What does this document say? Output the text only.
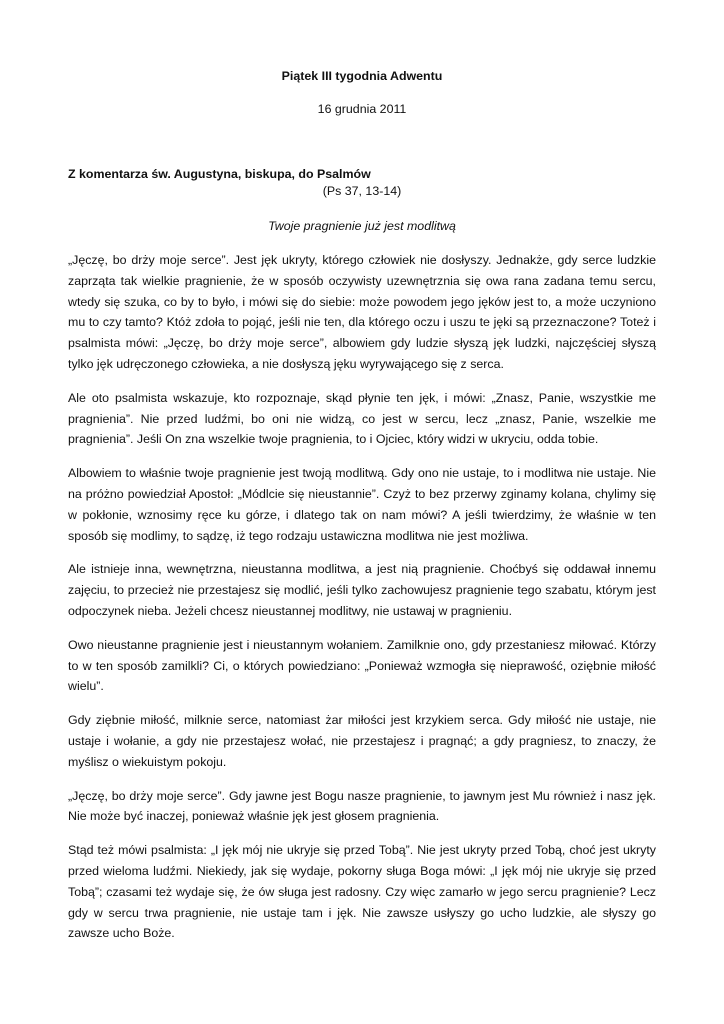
Piątek III tygodnia Adwentu
16 grudnia 2011
Z komentarza św. Augustyna, biskupa, do Psalmów
(Ps 37, 13-14)
Twoje pragnienie już jest modlitwą

„Jęczę, bo drży moje serce”. Jest jęk ukryty, którego człowiek nie dosłyszy. Jednakże, gdy serce ludzkie zaprząta tak wielkie pragnienie, że w sposób oczywisty uzewnętrznia się owa rana zadana temu sercu, wtedy się szuka, co by to było, i mówi się do siebie: może powodem jego jęków jest to, a może uczyniono mu to czy tamto? Któż zdoła to pojąć, jeśli nie ten, dla którego oczu i uszu te jęki są przeznaczone? Toteż i psalmista mówi: „Jęczę, bo drży moje serce”, albowiem gdy ludzie słyszą jęk ludzki, najczęściej słyszą tylko jęk udręczonego człowieka, a nie dosłyszą jęku wyrywającego się z serca.

Ale oto psalmista wskazuje, kto rozpoznaje, skąd płynie ten jęk, i mówi: „Znasz, Panie, wszystkie me pragnienia”. Nie przed ludźmi, bo oni nie widzą, co jest w sercu, lecz „znasz, Panie, wszelkie me pragnienia”. Jeśli On zna wszelkie twoje pragnienia, to i Ojciec, który widzi w ukryciu, odda tobie.

Albowiem to właśnie twoje pragnienie jest twoją modlitwą. Gdy ono nie ustaje, to i modlitwa nie ustaje. Nie na próżno powiedział Apostoł: „Módlcie się nieustannie”. Czyż to bez przerwy zginamy kolana, chylimy się w pokłonie, wznosimy ręce ku górze, i dlatego tak on nam mówi? A jeśli twierdzimy, że właśnie w ten sposób się modlimy, to sądzę, iż tego rodzaju ustawiczna modlitwa nie jest możliwa.

Ale istnieje inna, wewnętrzna, nieustanna modlitwa, a jest nią pragnienie. Choćbyś się oddawał innemu zajęciu, to przecież nie przestajesz się modlić, jeśli tylko zachowujesz pragnienie tego szabatu, którym jest odpoczynek nieba. Jeżeli chcesz nieustannej modlitwy, nie ustawaj w pragnieniu.

Owo nieustanne pragnienie jest i nieustannym wołaniem. Zamilknie ono, gdy przestaniesz miłować. Którzy to w ten sposób zamilkli? Ci, o których powiedziano: „Ponieważ wzmogła się nieprawość, oziębnie miłość wielu”.

Gdy ziębnie miłość, milknie serce, natomiast żar miłości jest krzykiem serca. Gdy miłość nie ustaje, nie ustaje i wołanie, a gdy nie przestajesz wołać, nie przestajesz i pragnąć; a gdy pragniesz, to znaczy, że myślisz o wiekuistym pokoju.

„Jęczę, bo drży moje serce”. Gdy jawne jest Bogu nasze pragnienie, to jawnym jest Mu również i nasz jęk. Nie może być inaczej, ponieważ właśnie jęk jest głosem pragnienia.

Stąd też mówi psalmista: „I jęk mój nie ukryje się przed Tobą”. Nie jest ukryty przed Tobą, choć jest ukryty przed wieloma ludźmi. Niekiedy, jak się wydaje, pokorny sługa Boga mówi: „I jęk mój nie ukryje się przed Tobą”; czasami też wydaje się, że ów sługa jest radosny. Czy więc zamarło w jego sercu pragnienie? Lecz gdy w sercu trwa pragnienie, nie ustaje tam i jęk. Nie zawsze usłyszy go ucho ludzkie, ale słyszy go zawsze ucho Boże.
